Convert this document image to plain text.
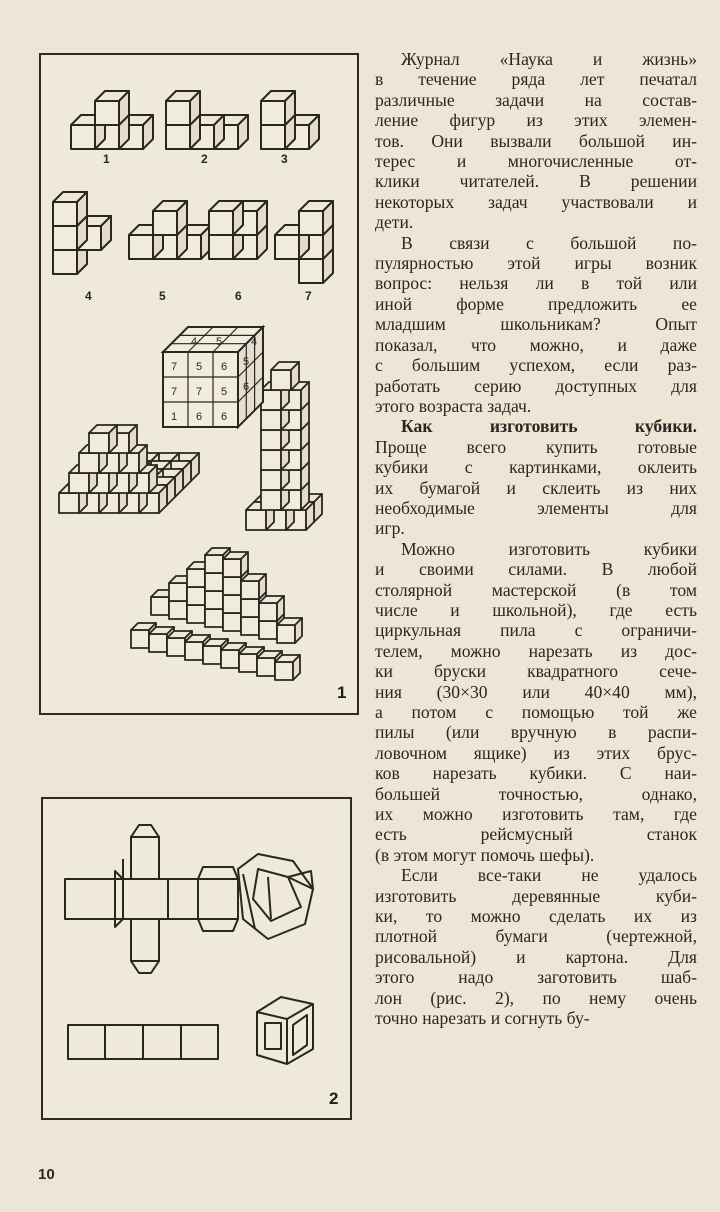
1	2	3
4	5	6	7
7 5 6 5
7 7 5 6
1 6 6
4
4 5
1
2

Журнал «Наука и жизнь»
в течение ряда лет печатал
различные задачи на состав-
ление фигур из этих элемен-
тов. Они вызвали большой ин-
терес и многочисленные от-
клики читателей. В решении
некоторых задач участвовали и
дети.

В связи с большой по-
пулярностью этой игры возник
вопрос: нельзя ли в той или
иной форме предложить ее
младшим школьникам? Опыт
показал, что можно, и даже
с большим успехом, если раз-
работать серию доступных для
этого возраста задач.

Как изготовить кубики.
Проще всего купить готовые
кубики с картинками, оклеить
их бумагой и склеить из них
необходимые элементы для
игр.

Можно изготовить кубики
и своими силами. В любой
столярной мастерской (в том
числе и школьной), где есть
циркульная пила с ограничи-
телем, можно нарезать из дос-
ки бруски квадратного сече-
ния (30×30 или 40×40 мм),
а потом с помощью той же
пилы (или вручную в распи-
ловочном ящике) из этих брус-
ков нарезать кубики. С наи-
большей точностью, однако,
их можно изготовить там, где
есть рейсмусный станок
(в этом могут помочь шефы).

Если все-таки не удалось
изготовить деревянные куби-
ки, то можно сделать их из
плотной бумаги (чертежной,
рисовальной) и картона. Для
этого надо заготовить шаб-
лон (рис. 2), по нему очень
точно нарезать и согнуть бу-

10
